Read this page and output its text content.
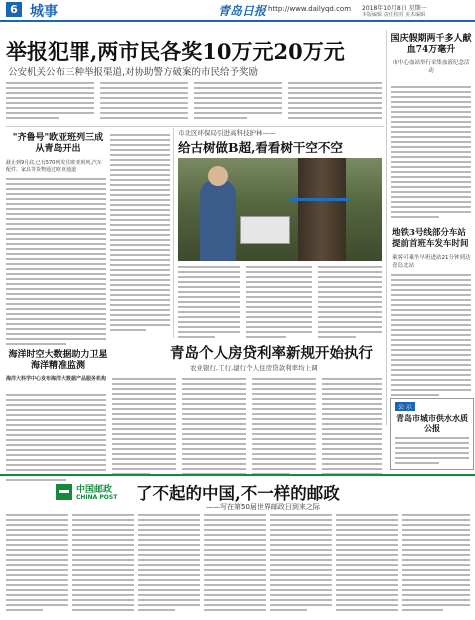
6 城事	青岛日报 http://www.dailyqd.com 2018年10月8日 星期一
本版编辑 责任校对 美术编辑
举报犯罪,两市民各奖10万元20万元
公安机关公布三种举报渠道,对协助警方破案的市民给予奖励
国庆假期两千多人献血74万毫升
市中心血站举行采集血液纪念活动
"齐鲁号"欧亚班列三成从青岛开出
截止到9月底,已有570列发往欧亚班列,汽车配件、家具等货物通过欧亚通道
市北区环保局引进高科技护林——
给古树做B超,看看树干空不空
地铁3号线部分车站提前首班车发车时间
乘客可乘坐早班进站21分钟到达青岛北站
海洋时空大数据助力卫星海洋精准监测
海洋大科学中心发布海洋大数据产品服务机构
青岛个人房贷利率新规开始执行
农业银行,工行,建行个人住房贷款利率均上调
公 示
青岛市城市供水水质公报
中国邮政
CHINA POST 了不起的中国,不一样的邮政
——写在第50届世界邮政日到来之际
